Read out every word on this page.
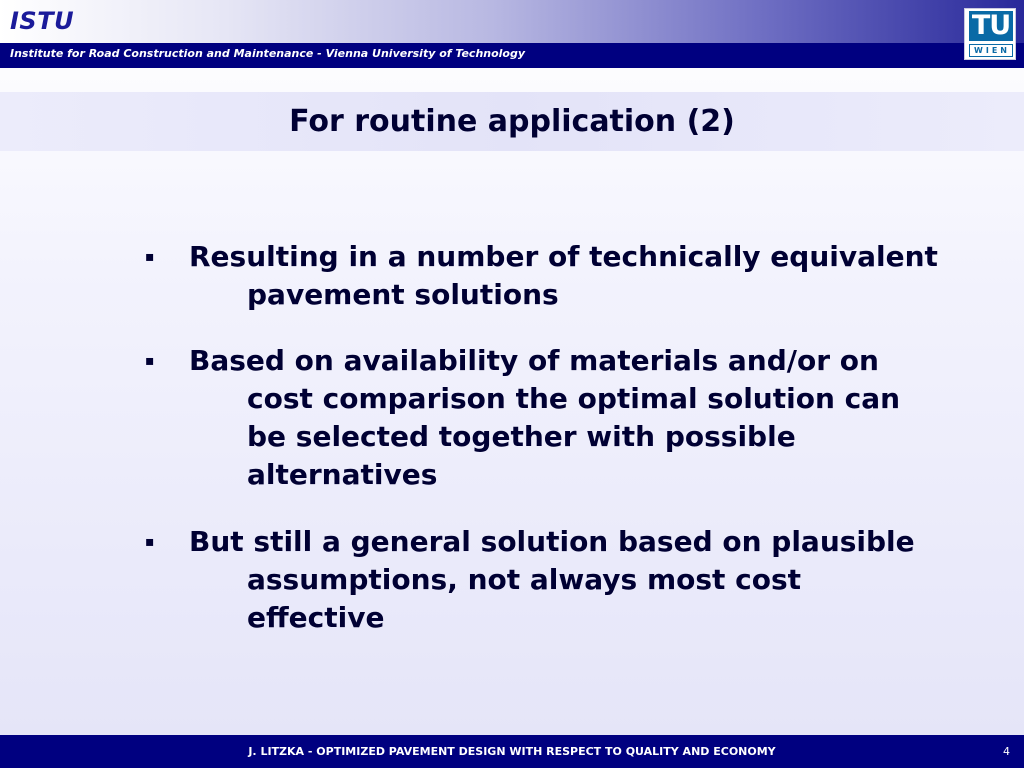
ISTU
Institute for Road Construction and Maintenance - Vienna University of Technology
TU
WIEN
For routine application (2)
▪	Resulting in a number of technically equivalent pavement solutions

▪	Based on availability of materials and/or on cost comparison the optimal solution can be selected together with possible alternatives

▪	But still a general solution based on plausible assumptions, not always most cost effective

J. LITZKA - OPTIMIZED PAVEMENT DESIGN WITH RESPECT TO QUALITY AND ECONOMY	4
